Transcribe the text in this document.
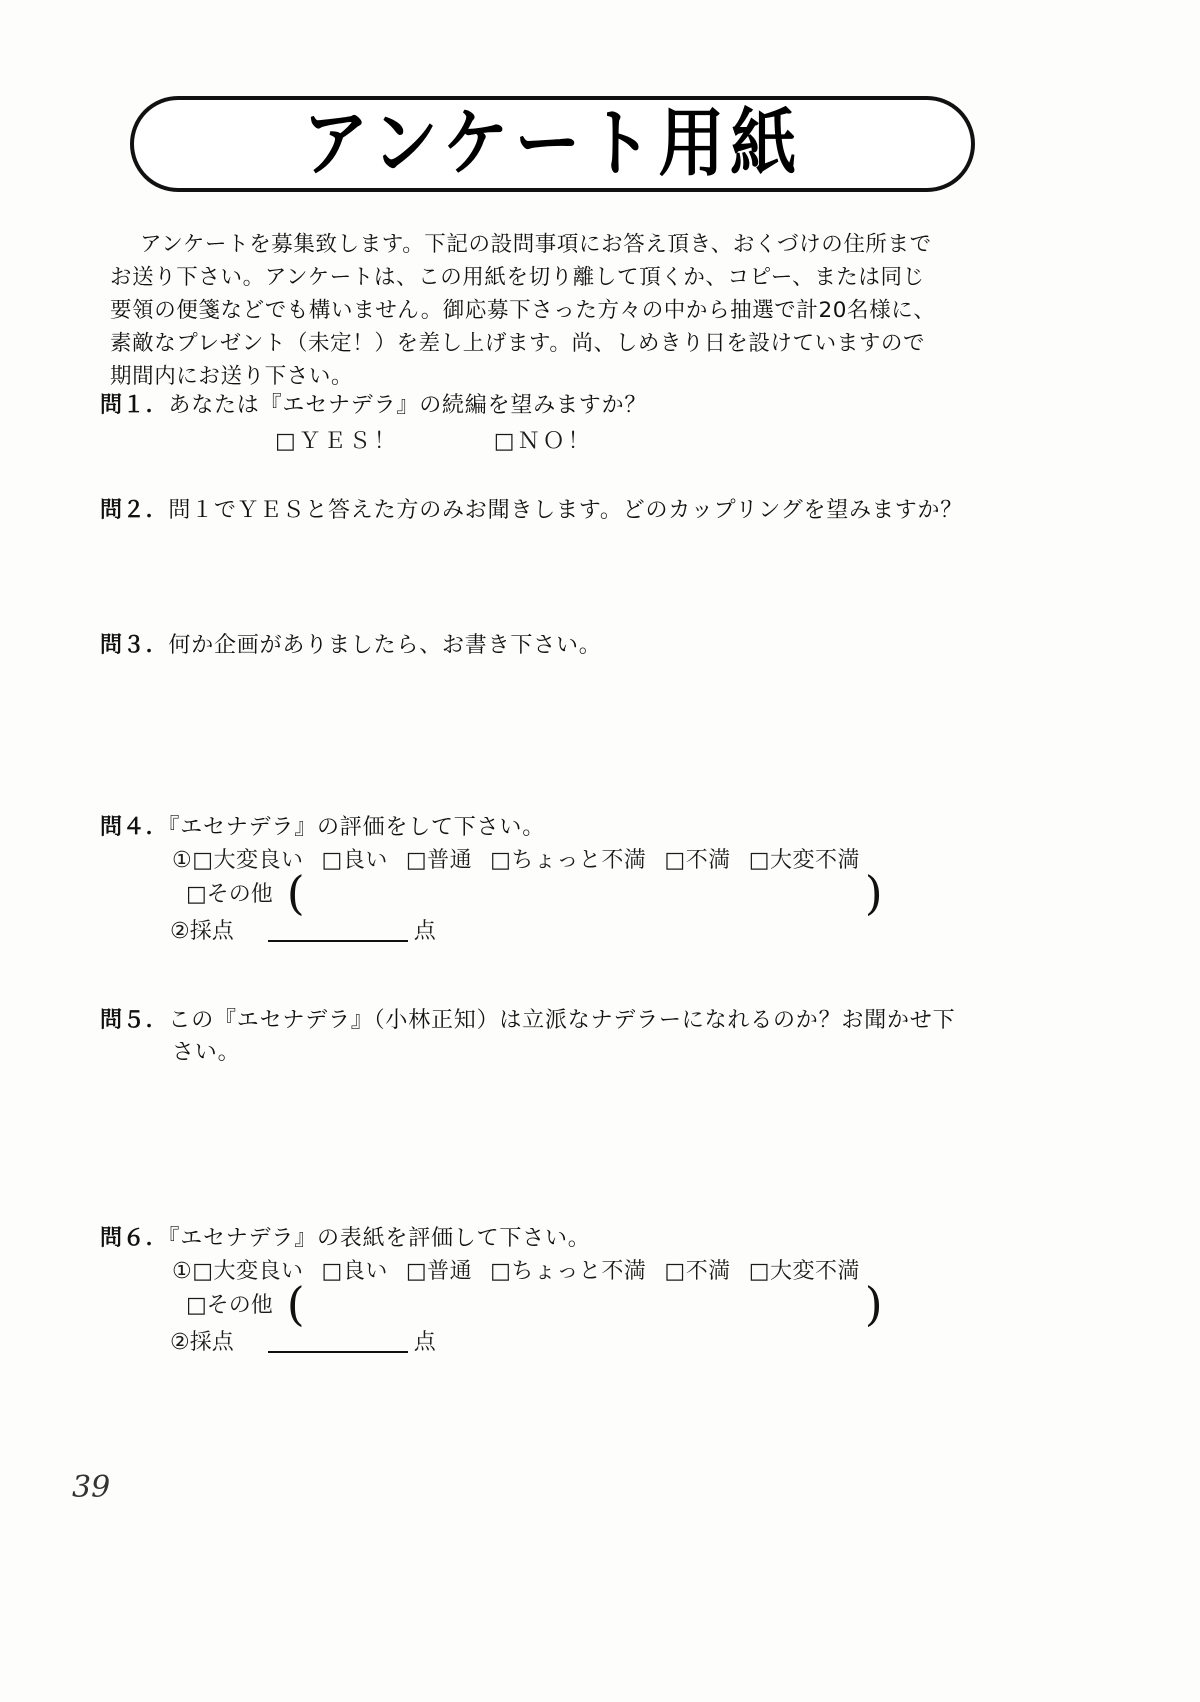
アンケート用紙
アンケートを募集致します。下記の設問事項にお答え頂き、おくづけの住所まで
お送り下さい。アンケートは、この用紙を切り離して頂くか、コピー、または同じ
要領の便箋などでも構いません。御応募下さった方々の中から抽選で計20名様に、
素敵なプレゼント（未定！）を差し上げます。尚、しめきり日を設けていますので
期間内にお送り下さい。
問１．あなたは『エセナデラ』の続編を望みますか？
□ＹＥＳ！	□ＮＯ！
問２．問１でＹＥＳと答えた方のみお聞きします。どのカップリングを望みますか？
問３．何か企画がありましたら、お書き下さい。
問４．『エセナデラ』の評価をして下さい。
①□大変良い □良い □普通 □ちょっと不満 □不満 □大変不満
□その他 (	)
②採点	点
問５．この『エセナデラ』（小林正知）は立派なナデラーになれるのか？お聞かせ下
さい。
問６．『エセナデラ』の表紙を評価して下さい。
①□大変良い □良い □普通 □ちょっと不満 □不満 □大変不満
□その他 (	)
②採点	点
39
